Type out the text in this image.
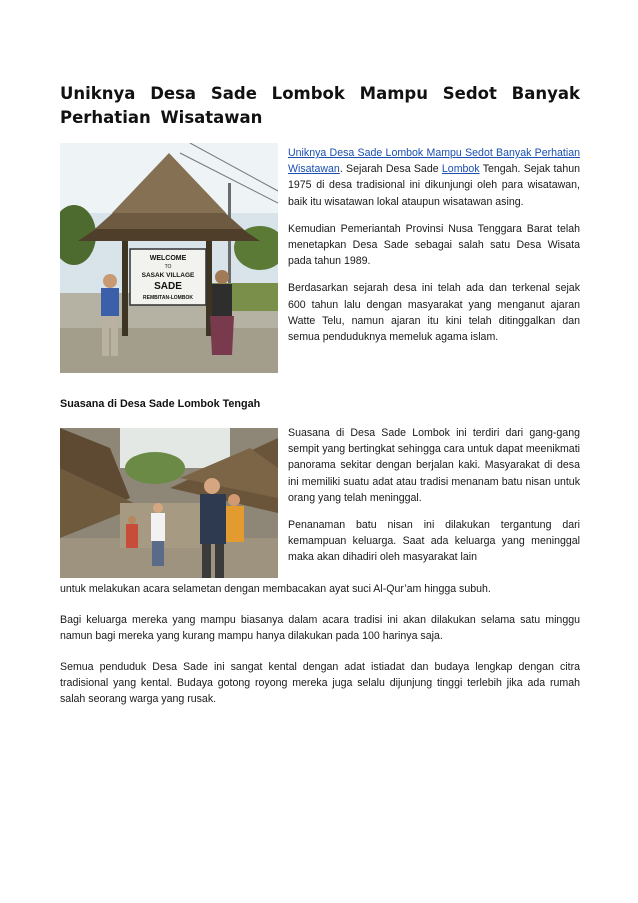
Uniknya Desa Sade Lombok Mampu Sedot Banyak Perhatian Wisatawan
WELCOME
TO
SASAK VILLAGE
SADE
REMBITAN-LOMBOK

Uniknya Desa Sade Lombok Mampu Sedot Banyak Perhatian Wisatawan. Sejarah Desa Sade Lombok Tengah. Sejak tahun 1975 di desa tradisional ini dikunjungi oleh para wisatawan, baik itu wisatawan lokal ataupun wisatawan asing.

Kemudian Pemeriantah Provinsi Nusa Tenggara Barat telah menetapkan Desa Sade sebagai salah satu Desa Wisata pada tahun 1989.

Berdasarkan sejarah desa ini telah ada dan terkenal sejak 600 tahun lalu dengan masyarakat yang menganut ajaran Watte Telu, namun ajaran itu kini telah ditinggalkan dan semua penduduknya memeluk agama islam.

Suasana di Desa Sade Lombok Tengah

Suasana di Desa Sade Lombok ini terdiri dari gang-gang sempit yang bertingkat sehingga cara untuk dapat meenikmati panorama sekitar dengan berjalan kaki. Masyarakat di desa ini memiliki suatu adat atau tradisi menanam batu nisan untuk orang yang telah meninggal.

Penanaman batu nisan ini dilakukan tergantung dari kemampuan keluarga. Saat ada keluarga yang meninggal maka akan dihadiri oleh masyarakat lain

untuk melakukan acara selametan dengan membacakan ayat suci Al-Qur’am hingga subuh.
Bagi keluarga mereka yang mampu biasanya dalam acara tradisi ini akan dilakukan selama satu minggu namun bagi mereka yang kurang mampu hanya dilakukan pada 100 harinya saja.
Semua penduduk Desa Sade ini sangat kental dengan adat istiadat dan budaya lengkap dengan citra tradisional yang kental. Budaya gotong royong mereka juga selalu dijunjung tinggi terlebih jika ada rumah salah seorang warga yang rusak.
